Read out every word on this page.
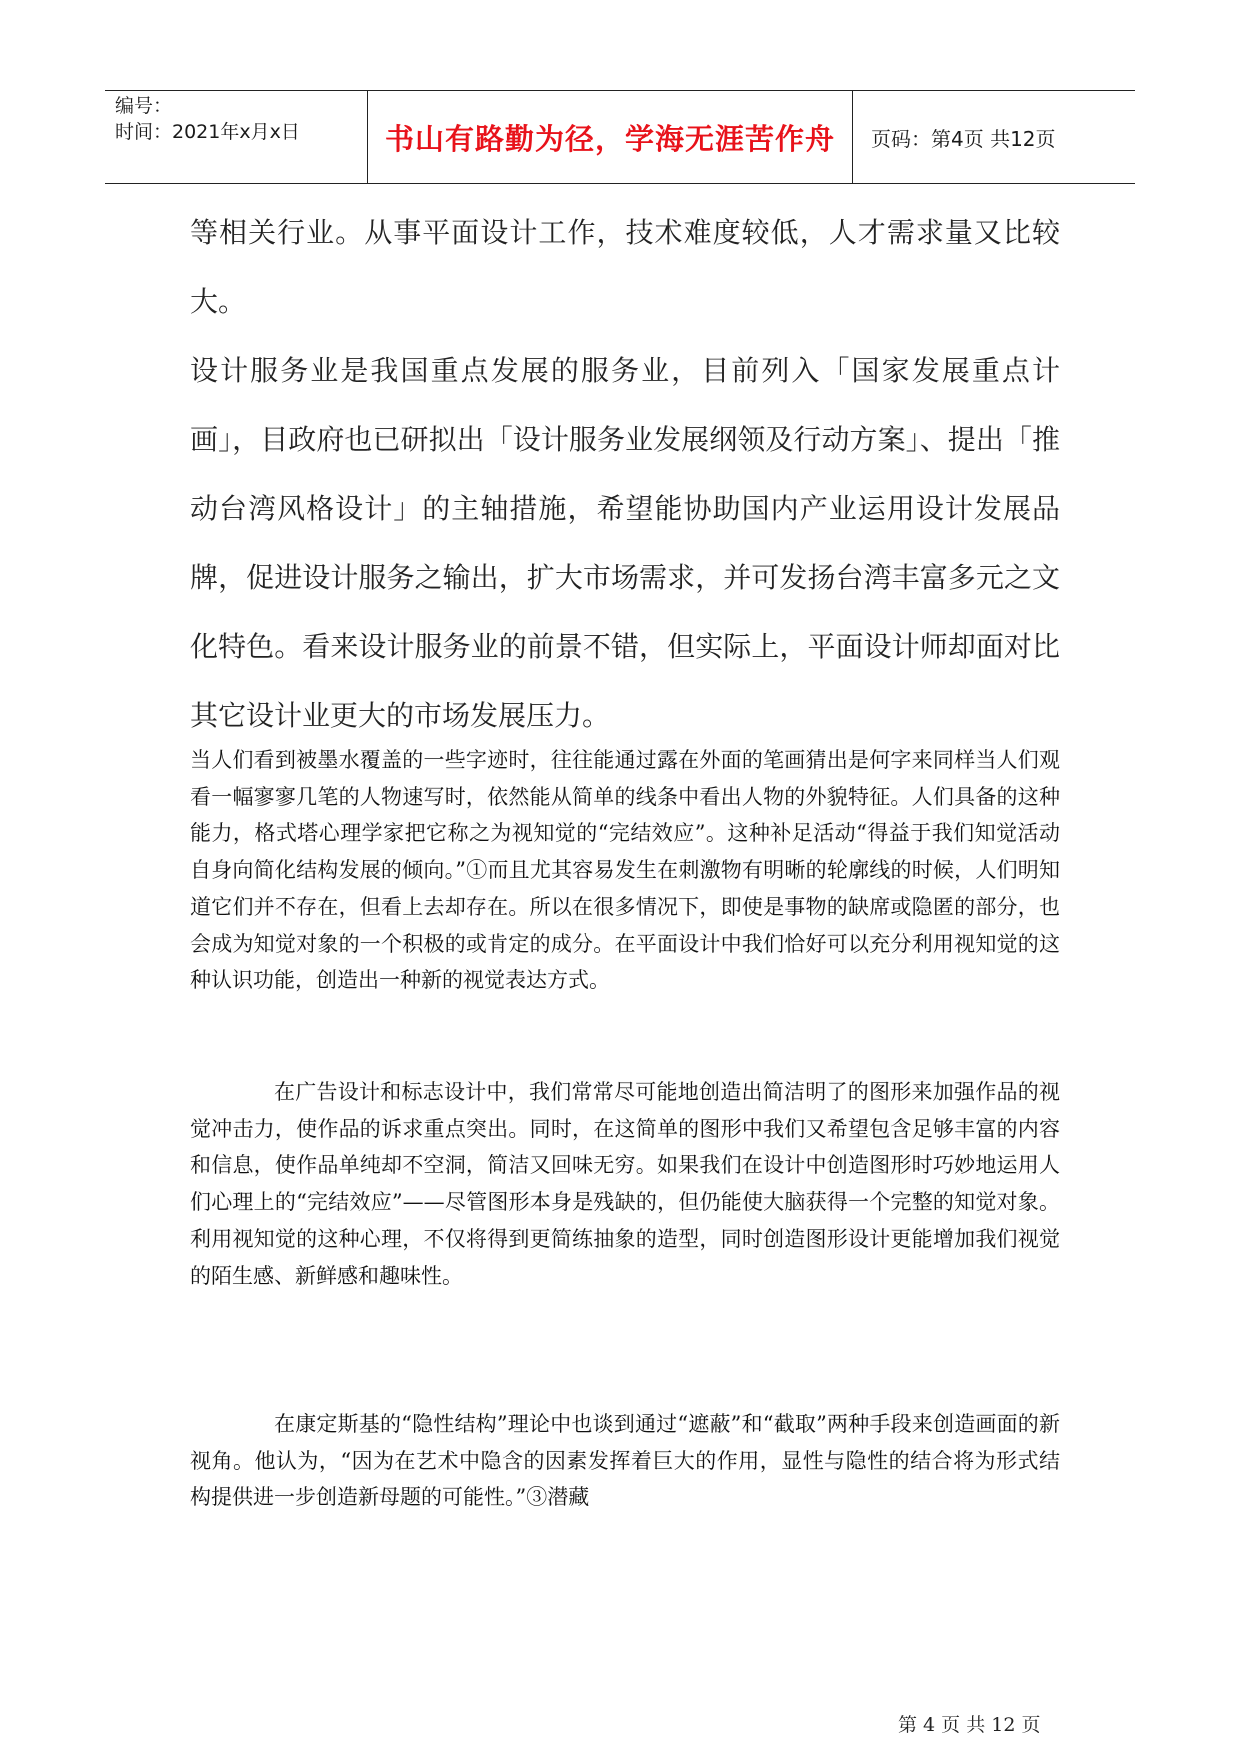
编号：
时间：2021年x月x日	书山有路勤为径，学海无涯苦作舟 页码：第4页 共12页

等相关行业。从事平面设计工作，技术难度较低，人才需求量又比较大。

设计服务业是我国重点发展的服务业，目前列入「国家发展重点计画」，目政府也已研拟出「设计服务业发展纲领及行动方案」、提出「推动台湾风格设计」的主轴措施，希望能协助国内产业运用设计发展品牌，促进设计服务之输出，扩大市场需求，并可发扬台湾丰富多元之文化特色。看来设计服务业的前景不错，但实际上，平面设计师却面对比其它设计业更大的市场发展压力。

当人们看到被墨水覆盖的一些字迹时，往往能通过露在外面的笔画猜出是何字来同样当人们观看一幅寥寥几笔的人物速写时，依然能从简单的线条中看出人物的外貌特征。人们具备的这种能力，格式塔心理学家把它称之为视知觉的“完结效应”。这种补足活动“得益于我们知觉活动自身向简化结构发展的倾向。”①而且尤其容易发生在刺激物有明晰的轮廓线的时候，人们明知道它们并不存在，但看上去却存在。所以在很多情况下，即使是事物的缺席或隐匿的部分，也会成为知觉对象的一个积极的或肯定的成分。在平面设计中我们恰好可以充分利用视知觉的这种认识功能，创造出一种新的视觉表达方式。

在广告设计和标志设计中，我们常常尽可能地创造出简洁明了的图形来加强作品的视觉冲击力，使作品的诉求重点突出。同时，在这简单的图形中我们又希望包含足够丰富的内容和信息，使作品单纯却不空洞，简洁又回味无穷。如果我们在设计中创造图形时巧妙地运用人们心理上的“完结效应”——尽管图形本身是残缺的，但仍能使大脑获得一个完整的知觉对象。利用视知觉的这种心理，不仅将得到更简练抽象的造型，同时创造图形设计更能增加我们视觉的陌生感、新鲜感和趣味性。

在康定斯基的“隐性结构”理论中也谈到通过“遮蔽”和“截取”两种手段来创造画面的新视角。他认为，“因为在艺术中隐含的因素发挥着巨大的作用，显性与隐性的结合将为形式结构提供进一步创造新母题的可能性。”③潜藏

第 4 页 共 12 页
